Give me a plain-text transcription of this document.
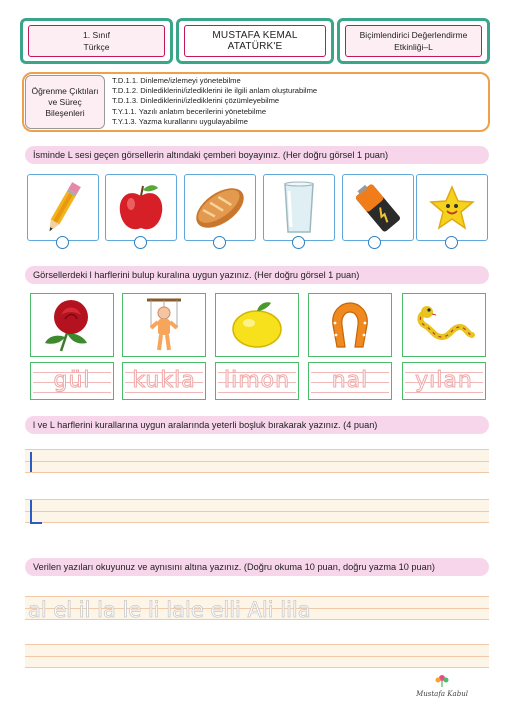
1. Sınıf
Türkçe
MUSTAFA KEMAL ATATÜRK'E
Biçimlendirici Değerlendirme
Etkinliği–L
Öğrenme Çıktıları
ve Süreç
Bileşenleri
T.D.1.1. Dinleme/izlemeyi yönetebilme
T.D.1.2. Dinlediklerini/izlediklerini ile ilgili anlam oluşturabilme
T.D.1.3. Dinlediklerini/izlediklerini çözümleyebilme
T.Y.1.1. Yazılı anlatım becerilerini yönetebilme
T.Y.1.3. Yazma kurallarını uygulayabilme
İsminde L sesi geçen görsellerin altındaki çemberi boyayınız. (Her doğru görsel 1 puan)
Görsellerdeki l harflerini bulup kuralına uygun yazınız. (Her doğru görsel 1 puan)
gül	kukla	limon	nal	yılan
l ve L harflerini kurallarına uygun aralarında yeterli boşluk bırakarak yazınız. (4 puan)
Verilen yazıları okuyunuz ve aynısını altına yazınız. (Doğru okuma 10 puan, doğru yazma 10 puan)
al el il la le li lale elli Ali lila
Mustafa Kabul
